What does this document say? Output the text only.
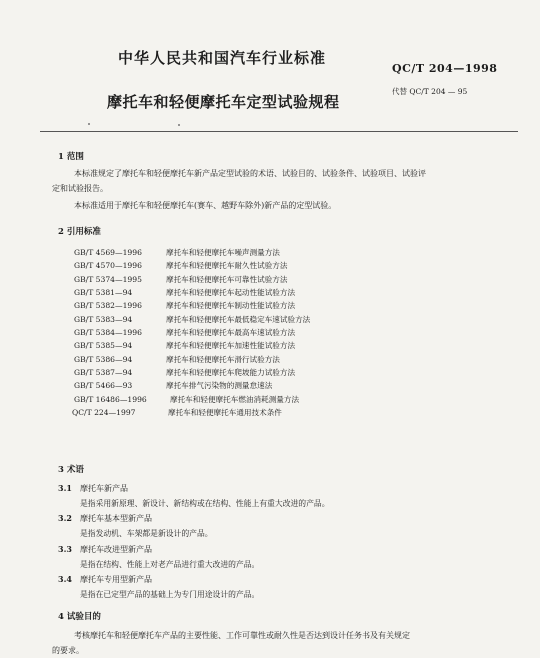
中华人民共和国汽车行业标准
QC/T 204—1998
摩托车和轻便摩托车定型试验规程
代替 QC/T 204 — 95
1 范围
本标准规定了摩托车和轻便摩托车新产品定型试验的术语、试验目的、试验条件、试验项目、试验评
定和试验报告。
本标准适用于摩托车和轻便摩托车(赛车、越野车除外)新产品的定型试验。
2 引用标准
GB/T 4569—1996	摩托车和轻便摩托车噪声测量方法
GB/T 4570—1996	摩托车和轻便摩托车耐久性试验方法
GB/T 5374—1995	摩托车和轻便摩托车可靠性试验方法
GB/T 5381—94	摩托车和轻便摩托车起动性能试验方法
GB/T 5382—1996	摩托车和轻便摩托车制动性能试验方法
GB/T 5383—94	摩托车和轻便摩托车最低稳定车速试验方法
GB/T 5384—1996	摩托车和轻便摩托车最高车速试验方法
GB/T 5385—94	摩托车和轻便摩托车加速性能试验方法
GB/T 5386—94	摩托车和轻便摩托车滑行试验方法
GB/T 5387—94	摩托车和轻便摩托车爬坡能力试验方法
GB/T 5466—93	摩托车排气污染物的测量怠速法
GB/T 16486—1996	摩托车和轻便摩托车燃油消耗测量方法
QC/T 224—1997	摩托车和轻便摩托车通用技术条件
3 术语
3.1 摩托车新产品
是指采用新原理、新设计、新结构或在结构、性能上有重大改进的产品。
3.2 摩托车基本型新产品
是指发动机、车架都是新设计的产品。
3.3 摩托车改进型新产品
是指在结构、性能上对老产品进行重大改进的产品。
3.4 摩托车专用型新产品
是指在已定型产品的基础上为专门用途设计的产品。
4 试验目的
考核摩托车和轻便摩托车产品的主要性能、工作可靠性或耐久性是否达到设计任务书及有关规定
的要求。
